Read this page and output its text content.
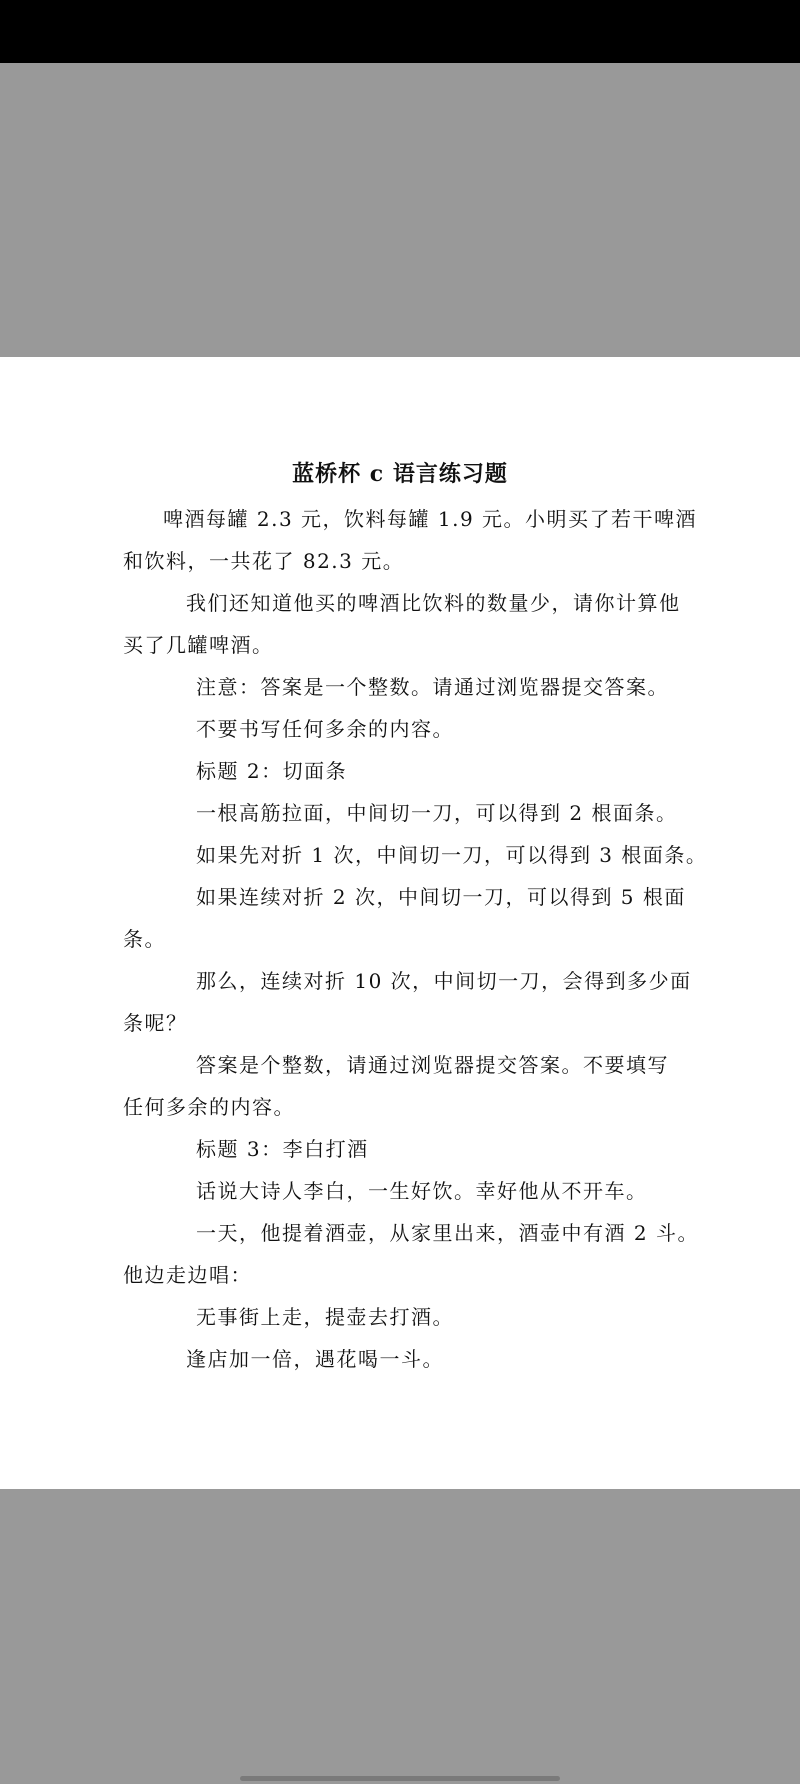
蓝桥杯 c 语言练习题
啤酒每罐 2.3 元，饮料每罐 1.9 元。小明买了若干啤酒
和饮料，一共花了 82.3 元。
我们还知道他买的啤酒比饮料的数量少，请你计算他
买了几罐啤酒。
注意：答案是一个整数。请通过浏览器提交答案。
不要书写任何多余的内容。
标题 2：切面条
一根高筋拉面，中间切一刀，可以得到 2 根面条。
如果先对折 1 次，中间切一刀，可以得到 3 根面条。
如果连续对折 2 次，中间切一刀，可以得到 5 根面
条。
那么，连续对折 10 次，中间切一刀，会得到多少面
条呢？
答案是个整数，请通过浏览器提交答案。不要填写
任何多余的内容。
标题 3：李白打酒
话说大诗人李白，一生好饮。幸好他从不开车。
一天，他提着酒壶，从家里出来，酒壶中有酒 2 斗。
他边走边唱：
无事街上走，提壶去打酒。
逢店加一倍，遇花喝一斗。
